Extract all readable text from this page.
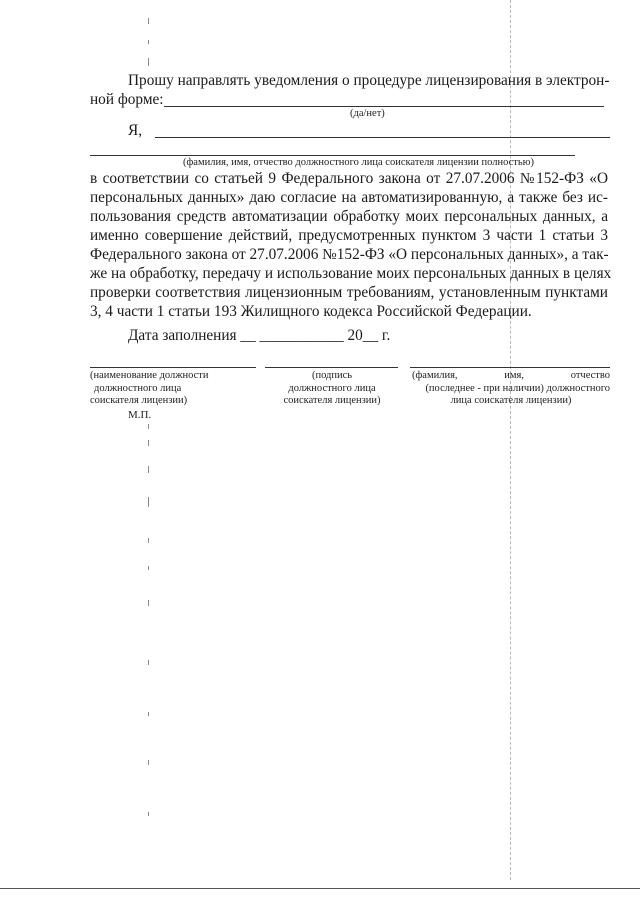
Прошу направлять уведомления о процедуре лицензирования в электрон-
ной форме:
(да/нет)
Я,
(фамилия, имя, отчество должностного лица соискателя лицензии полностью)
в соответствии со статьей 9 Федерального закона от 27.07.2006 №152-ФЗ «О
персональных данных» даю согласие на автоматизированную, а также без ис-
пользования средств автоматизации обработку моих персональных данных, а
именно совершение действий, предусмотренных пунктом 3 части 1 статьи 3
Федерального закона от 27.07.2006 №152-ФЗ «О персональных данных», а так-
же на обработку, передачу и использование моих персональных данных в целях
проверки соответствия лицензионным требованиям, установленным пунктами
3, 4 части 1 статьи 193 Жилищного кодекса Российской Федерации.
Дата заполнения __ ___________ 20__ г.
(наименование должности
должностного лица
соискателя лицензии)
(подпись
должностного лица
соискателя лицензии)
(фамилия, имя, отчество
(последнее - при наличии) должностного
лица соискателя лицензии)
М.П.
